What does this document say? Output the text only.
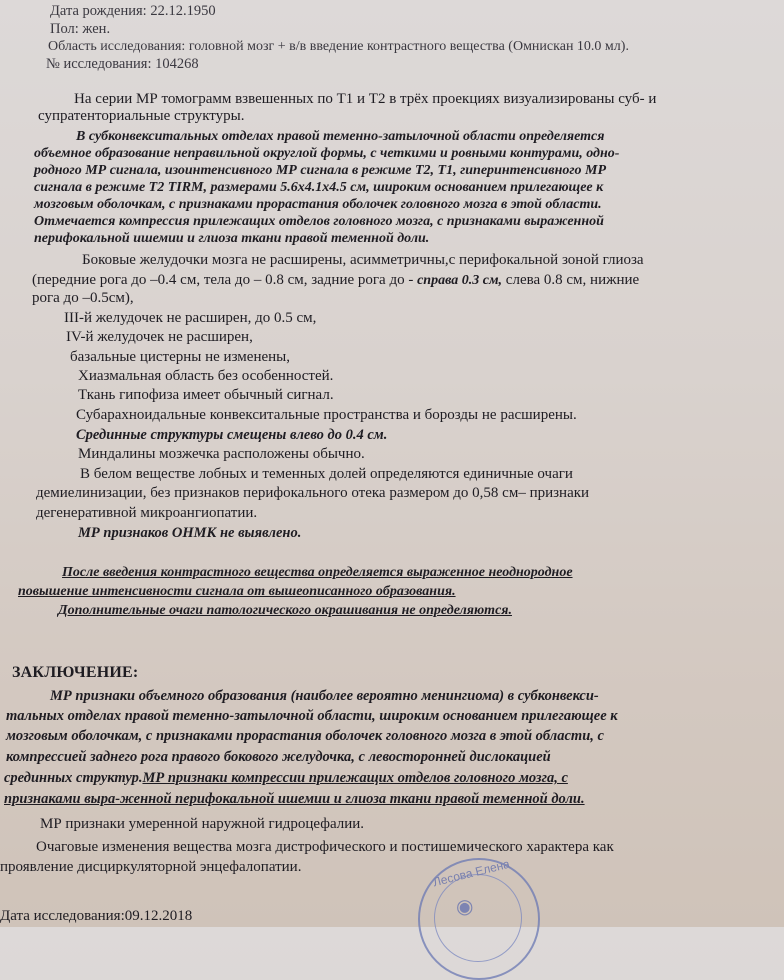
Дата рождения: 22.12.1950
Пол: жен.
Область исследования: головной мозг + в/в введение контрастного вещества (Омнискан 10.0 мл).
№ исследования: 104268
На серии МР томограмм взвешенных по Т1 и Т2 в трёх проекциях визуализированы суб- и
супратенториальные структуры.
В субконвекситальных отделах правой теменно-затылочной области определяется
объемное образование неправильной округлой формы, с четкими и ровными контурами, одно-
родного МР сигнала, изоинтенсивного МР сигнала в режиме Т2, Т1, гиперинтенсивного МР
сигнала в режиме Т2 TIRM, размерами 5.6х4.1х4.5 см, широким основанием прилегающее к
мозговым оболочкам, с признаками прорастания оболочек головного мозга в этой области.
Отмечается компрессия прилежащих отделов головного мозга, с признаками выраженной
перифокальной ишемии и глиоза ткани правой теменной доли.
Боковые желудочки мозга не расширены, асимметричны,с перифокальной зоной глиоза
(передние рога до –0.4 см, тела до – 0.8 см, задние рога до - справа 0.3 см, слева 0.8 см, нижние
рога до –0.5см),
III-й желудочек не расширен, до 0.5 см,
IV-й желудочек не расширен,
базальные цистерны не изменены,
Хиазмальная область без особенностей.
Ткань гипофиза имеет обычный сигнал.
Субарахноидальные конвекситальные пространства и борозды не расширены.
Срединные структуры смещены влево до 0.4 см.
Миндалины мозжечка расположены обычно.
В белом веществе лобных и теменных долей определяются единичные очаги
демиелинизации, без признаков перифокального отека размером до 0,58 см– признаки
дегенеративной микроангиопатии.
МР признаков ОНМК не выявлено.
После введения контрастного вещества определяется выраженное неоднородное
повышение интенсивности сигнала от вышеописанного образования.
Дополнительные очаги патологического окрашивания не определяются.
ЗАКЛЮЧЕНИЕ:
МР признаки объемного образования (наиболее вероятно менингиома) в субконвекси-
тальных отделах правой теменно-затылочной области, широким основанием прилегающее к
мозговым оболочкам, с признаками прорастания оболочек головного мозга в этой области, с
компрессией заднего рога правого бокового желудочка, с левосторонней дислокацией
срединных структур.МР признаки компрессии прилежащих отделов головного мозга, с
признаками выра-женной перифокальной ишемии и глиоза ткани правой теменной доли.
МР признаки умеренной наружной гидроцефалии.
Очаговые изменения вещества мозга дистрофического и постишемического характера как
проявление дисциркуляторной энцефалопатии.
Дата исследования:09.12.2018
Лесова Елена
◉
